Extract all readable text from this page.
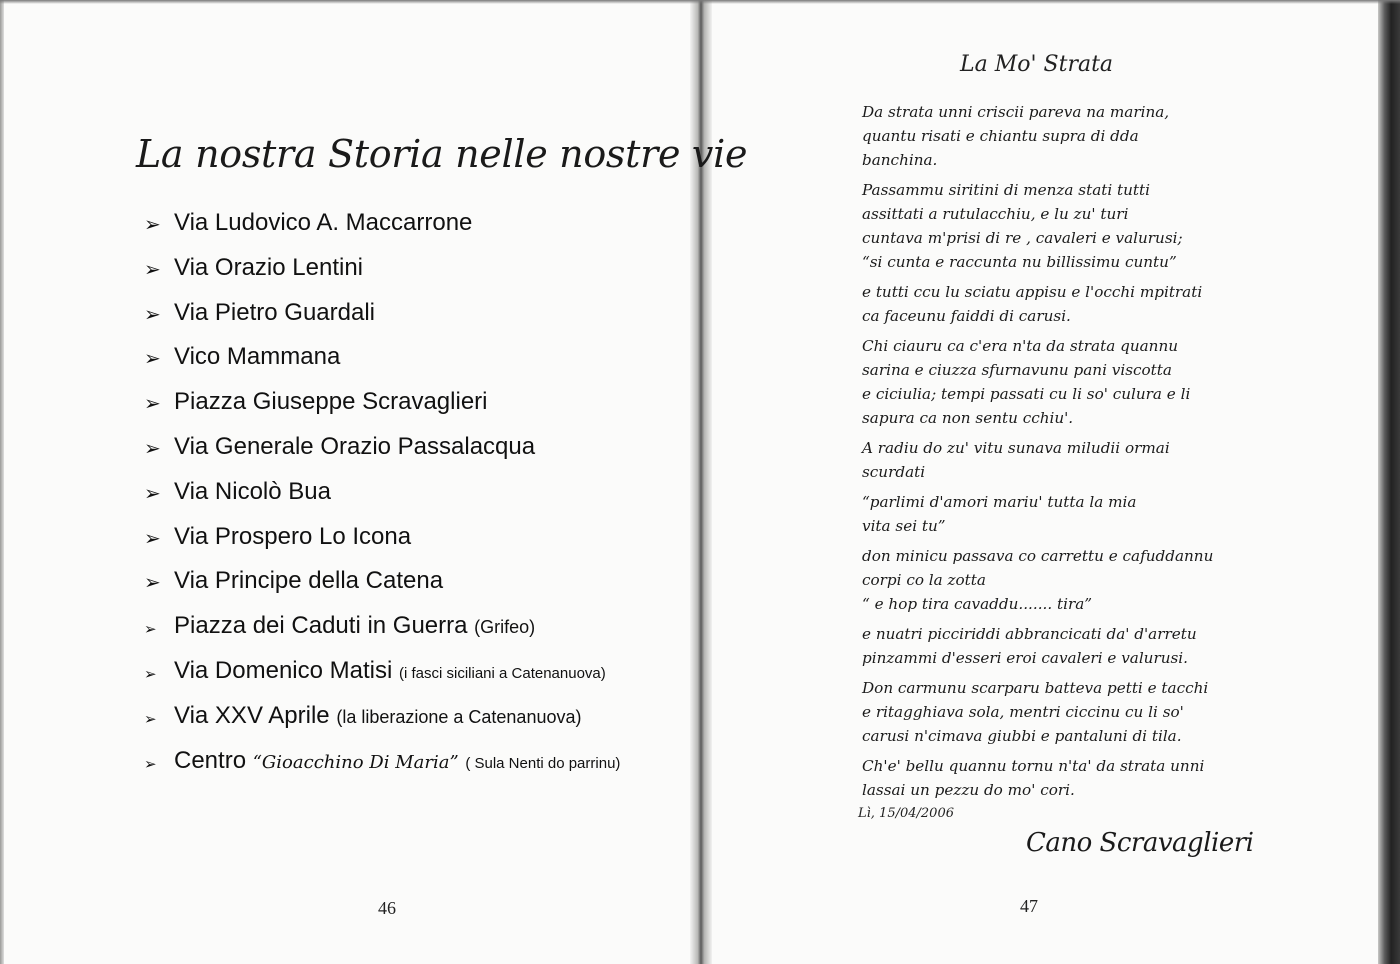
La nostra Storia nelle nostre vie
➢ Via Ludovico A. Maccarrone
➢ Via Orazio Lentini
➢ Via Pietro Guardali
➢ Vico Mammana
➢ Piazza Giuseppe Scravaglieri
➢ Via Generale Orazio Passalacqua
➢ Via Nicolò Bua
➢ Via Prospero Lo Icona
➢ Via Principe della Catena
➢ Piazza dei Caduti in Guerra (Grifeo)
➢ Via Domenico Matisi (i fasci siciliani a Catenanuova)
➢ Via XXV Aprile (la liberazione a Catenanuova)
➢ Centro “Gioacchino Di Maria” ( Sula Nenti do parrinu)
46
La Mo' Strata
Da strata unni criscii pareva na marina,
quantu risati e chiantu supra di dda
banchina.
Passammu siritini di menza stati tutti
assittati a rutulacchiu, e lu zu' turi
cuntava m'prisi di re , cavaleri e valurusi;
“si cunta e raccunta nu billissimu cuntu”
e tutti ccu lu sciatu appisu e l'occhi mpitrati
ca faceunu faiddi di carusi.
Chi ciauru ca c'era n'ta da strata quannu
sarina e ciuzza sfurnavunu pani viscotta
e ciciulia; tempi passati cu li so' culura e li
sapura ca non sentu cchiu'.
A radiu do zu' vitu sunava miludii ormai
scurdati
“parlimi d'amori mariu' tutta la mia
vita sei tu”
don minicu passava co carrettu e cafuddannu
corpi co la zotta
“ e hop tira cavaddu....... tira”
e nuatri picciriddi abbrancicati da' d'arretu
pinzammi d'esseri eroi cavaleri e valurusi.
Don carmunu scarparu batteva petti e tacchi
e ritagghiava sola, mentri ciccinu cu li so'
carusi n'cimava giubbi e pantaluni di tila.
Ch'e' bellu quannu tornu n'ta' da strata unni
lassai un pezzu do mo' cori.
Lì, 15/04/2006
Cano Scravaglieri
47
